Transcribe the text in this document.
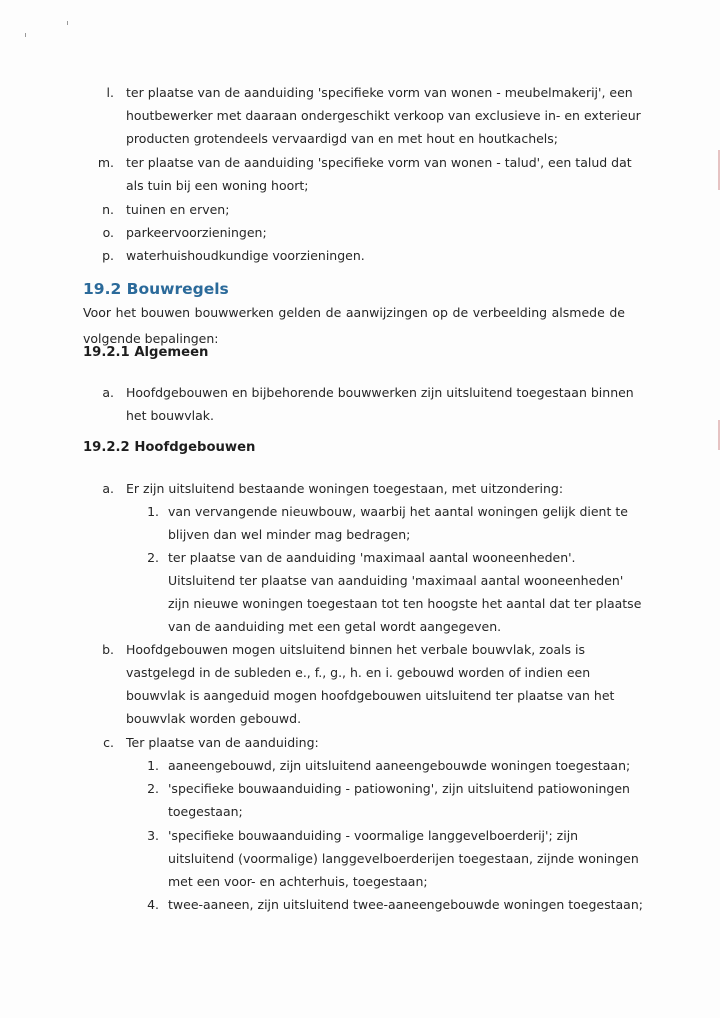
l. ter plaatse van de aanduiding 'specifieke vorm van wonen - meubelmakerij', een
houtbewerker met daaraan ondergeschikt verkoop van exclusieve in- en exterieur
producten grotendeels vervaardigd van en met hout en houtkachels;
m. ter plaatse van de aanduiding 'specifieke vorm van wonen - talud', een talud dat
als tuin bij een woning hoort;
n. tuinen en erven;
o. parkeervoorzieningen;
p. waterhuishoudkundige voorzieningen.
19.2 Bouwregels
Voor het bouwen bouwwerken gelden de aanwijzingen op de verbeelding alsmede de
volgende bepalingen:
19.2.1 Algemeen
a. Hoofdgebouwen en bijbehorende bouwwerken zijn uitsluitend toegestaan binnen
het bouwvlak.
19.2.2 Hoofdgebouwen
a. Er zijn uitsluitend bestaande woningen toegestaan, met uitzondering:
1. van vervangende nieuwbouw, waarbij het aantal woningen gelijk dient te
blijven dan wel minder mag bedragen;
2. ter plaatse van de aanduiding 'maximaal aantal wooneenheden'.
Uitsluitend ter plaatse van aanduiding 'maximaal aantal wooneenheden'
zijn nieuwe woningen toegestaan tot ten hoogste het aantal dat ter plaatse
van de aanduiding met een getal wordt aangegeven.
b. Hoofdgebouwen mogen uitsluitend binnen het verbale bouwvlak, zoals is
vastgelegd in de subleden e., f., g., h. en i. gebouwd worden of indien een
bouwvlak is aangeduid mogen hoofdgebouwen uitsluitend ter plaatse van het
bouwvlak worden gebouwd.
c. Ter plaatse van de aanduiding:
1. aaneengebouwd, zijn uitsluitend aaneengebouwde woningen toegestaan;
2. 'specifieke bouwaanduiding - patiowoning', zijn uitsluitend patiowoningen
toegestaan;
3. 'specifieke bouwaanduiding - voormalige langgevelboerderij'; zijn
uitsluitend (voormalige) langgevelboerderijen toegestaan, zijnde woningen
met een voor- en achterhuis, toegestaan;
4. twee-aaneen, zijn uitsluitend twee-aaneengebouwde woningen toegestaan;
